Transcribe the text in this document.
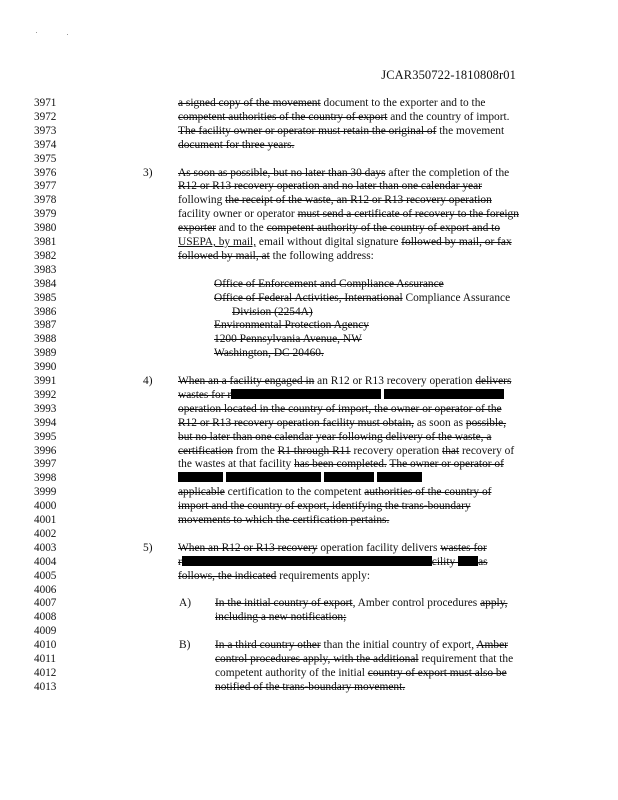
JCAR350722-1810808r01
3971	a signed copy of the movement document to the exporter and to the
3972	competent authorities of the country of export and the country of import.
3973	The facility owner or operator must retain the original of the movement
3974	document for three years.
3975
3976	3) As soon as possible, but no later than 30 days after the completion of the
3977	R12 or R13 recovery operation and no later than one calendar year
3978	following the receipt of the waste, an R12 or R13 recovery operation
3979	facility owner or operator must send a certificate of recovery to the foreign
3980	exporter and to the competent authority of the country of export and to
3981	USEPA, by mail, email without digital signature followed by mail, or fax
3982	followed by mail, at the following address:
3983
3984	Office of Enforcement and Compliance Assurance
3985	Office of Federal Activities, International Compliance Assurance
3986	Division (2254A)
3987	Environmental Protection Agency
3988	1200 Pennsylvania Avenue, NW
3989	Washington, DC 20460.
3990
3991	4) When an a facility engaged in an R12 or R13 recovery operation delivers
3992	wastes for r
3993	operation located in the country of import, the owner or operator of the
3994	R12 or R13 recovery operation facility must obtain, as soon as possible,
3995	but no later than one calendar year following delivery of the waste, a
3996	certification from the R1 through R11 recovery operation that recovery of
3997	the wastes at that facility has been completed. The owner or operator of
3998

3999	applicable certification to the competent authorities of the country of
4000	import and the country of export, identifying the trans-boundary
4001	movements to which the certification pertains.
4002
4003	5) When an R12 or R13 recovery operation facility delivers wastes for
4004	r	cility as
4005	follows, the indicated requirements apply:
4006
4007	A) In the initial country of export, Amber control procedures apply,
4008	including a new notification;
4009
4010	B) In a third country other than the initial country of export, Amber
4011	control procedures apply, with the additional requirement that the
4012	competent authority of the initial country of export must also be
4013	notified of the trans-boundary movement.
